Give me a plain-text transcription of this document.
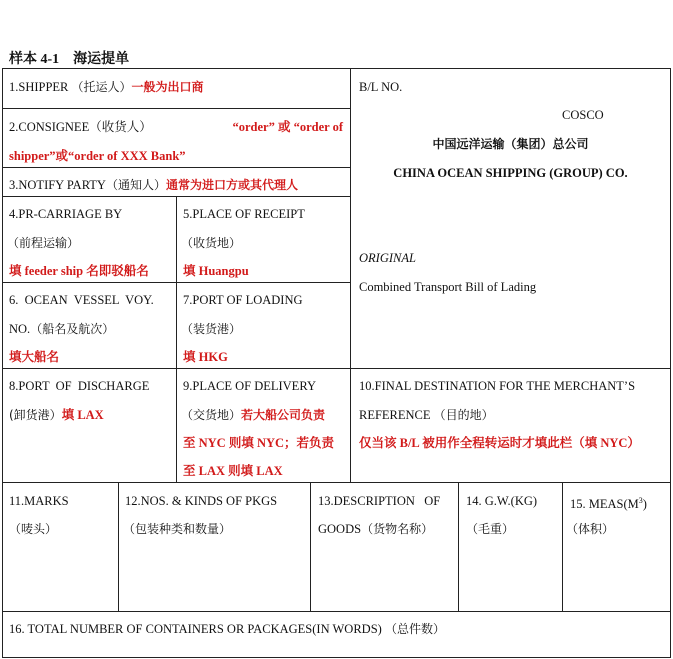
样本 4-1　海运提单
1.SHIPPER （托运人）一般为出口商
2.CONSIGNEE（收货人）	“order” 或 “order of
shipper”或“order of XXX Bank”
3.NOTIFY PARTY（通知人）通常为进口方或其代理人
4.PR-CARRIAGE BY
（前程运输）
填 feeder ship 名即驳船名
5.PLACE OF RECEIPT
（收货地）
填 Huangpu
6.  OCEAN  VESSEL  VOY.
NO.（船名及航次）
填大船名
7.PORT OF LOADING
（装货港）
填 HKG
B/L NO.
COSCO
中国远洋运输（集团）总公司
CHINA OCEAN SHIPPING (GROUP) CO.
ORIGINAL
Combined Transport Bill of Lading
8.PORT  OF  DISCHARGE
(卸货港）填 LAX
9.PLACE OF DELIVERY
（交货地）若大船公司负责
至 NYC 则填 NYC；若负责
至 LAX 则填 LAX
10.FINAL DESTINATION FOR THE MERCHANT’S
REFERENCE （目的地）
仅当该 B/L 被用作全程转运时才填此栏（填 NYC）
11.MARKS
（唛头）
12.NOS. & KINDS OF PKGS
（包装种类和数量）
13.DESCRIPTION   OF
GOODS（货物名称）
14. G.W.(KG)
（毛重）
15. $MEAS(M^3)$
（体积）
16. TOTAL NUMBER OF CONTAINERS OR PACKAGES(IN WORDS) （总件数）
